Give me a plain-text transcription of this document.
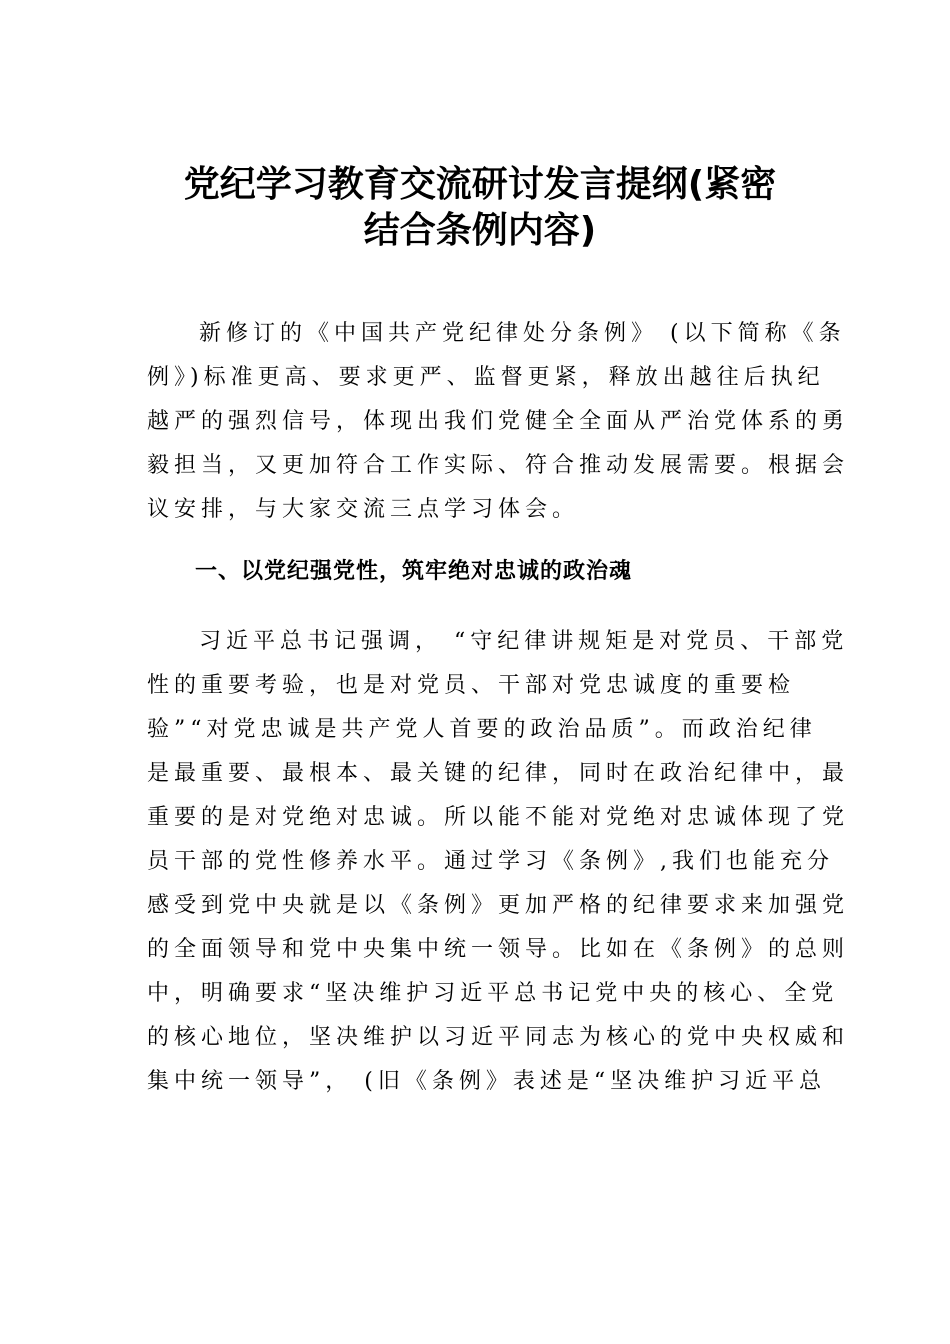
党纪学习教育交流研讨发言提纲(紧密
结合条例内容)
新修订的《中国共产党纪律处分条例》 (以下简称《条
例》)标准更高、要求更严、监督更紧，释放出越往后执纪
越严的强烈信号，体现出我们党健全全面从严治党体系的勇
毅担当，又更加符合工作实际、符合推动发展需要。根据会
议安排，与大家交流三点学习体会。
一、以党纪强党性，筑牢绝对忠诚的政治魂
习近平总书记强调， “守纪律讲规矩是对党员、干部党
性的重要考验，也是对党员、干部对党忠诚度的重要检
验”“对党忠诚是共产党人首要的政治品质”。而政治纪律
是最重要、最根本、最关键的纪律，同时在政治纪律中，最
重要的是对党绝对忠诚。所以能不能对党绝对忠诚体现了党
员干部的党性修养水平。通过学习《条例》,我们也能充分
感受到党中央就是以《条例》更加严格的纪律要求来加强党
的全面领导和党中央集中统一领导。比如在《条例》的总则
中，明确要求“坚决维护习近平总书记党中央的核心、全党
的核心地位，坚决维护以习近平同志为核心的党中央权威和
集中统一领导”， (旧《条例》表述是“坚决维护习近平总
